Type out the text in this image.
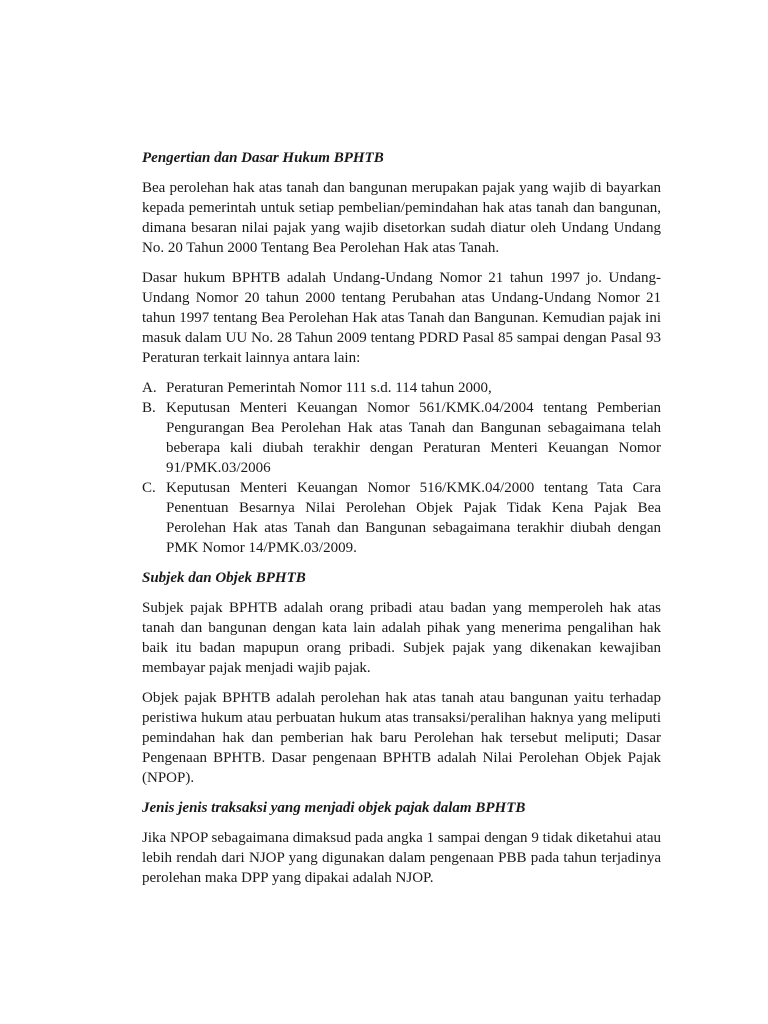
Pengertian dan Dasar Hukum BPHTB

Bea perolehan hak atas tanah dan bangunan merupakan pajak yang wajib di bayarkan kepada pemerintah untuk setiap pembelian/pemindahan hak atas tanah dan bangunan, dimana besaran nilai pajak yang wajib disetorkan sudah diatur oleh Undang Undang No. 20 Tahun 2000 Tentang Bea Perolehan Hak atas Tanah.

Dasar hukum BPHTB adalah Undang-Undang Nomor 21 tahun 1997 jo. Undang-Undang Nomor 20 tahun 2000 tentang Perubahan atas Undang-Undang Nomor 21 tahun 1997 tentang Bea Perolehan Hak atas Tanah dan Bangunan. Kemudian pajak ini masuk dalam UU No. 28 Tahun 2009 tentang PDRD Pasal 85 sampai dengan Pasal 93 Peraturan terkait lainnya antara lain:

A. Peraturan Pemerintah Nomor 111 s.d. 114 tahun 2000,
B. Keputusan Menteri Keuangan Nomor 561/KMK.04/2004 tentang Pemberian Pengurangan Bea Perolehan Hak atas Tanah dan Bangunan sebagaimana telah beberapa kali diubah terakhir dengan Peraturan Menteri Keuangan Nomor 91/PMK.03/2006
C. Keputusan Menteri Keuangan Nomor 516/KMK.04/2000 tentang Tata Cara Penentuan Besarnya Nilai Perolehan Objek Pajak Tidak Kena Pajak Bea Perolehan Hak atas Tanah dan Bangunan sebagaimana terakhir diubah dengan PMK Nomor 14/PMK.03/2009.
Subjek dan Objek BPHTB

Subjek pajak BPHTB adalah orang pribadi atau badan yang memperoleh hak atas tanah dan bangunan dengan kata lain adalah pihak yang menerima pengalihan hak baik itu badan mapupun orang pribadi. Subjek pajak yang dikenakan kewajiban membayar pajak menjadi wajib pajak.

Objek pajak BPHTB adalah perolehan hak atas tanah atau bangunan yaitu terhadap peristiwa hukum atau perbuatan hukum atas transaksi/peralihan haknya yang meliputi pemindahan hak dan pemberian hak baru Perolehan hak tersebut meliputi; Dasar Pengenaan BPHTB. Dasar pengenaan BPHTB adalah Nilai Perolehan Objek Pajak (NPOP).

Jenis jenis traksaksi yang menjadi objek pajak dalam BPHTB

Jika NPOP sebagaimana dimaksud pada angka 1 sampai dengan 9 tidak diketahui atau lebih rendah dari NJOP yang digunakan dalam pengenaan PBB pada tahun terjadinya perolehan maka DPP yang dipakai adalah NJOP.
